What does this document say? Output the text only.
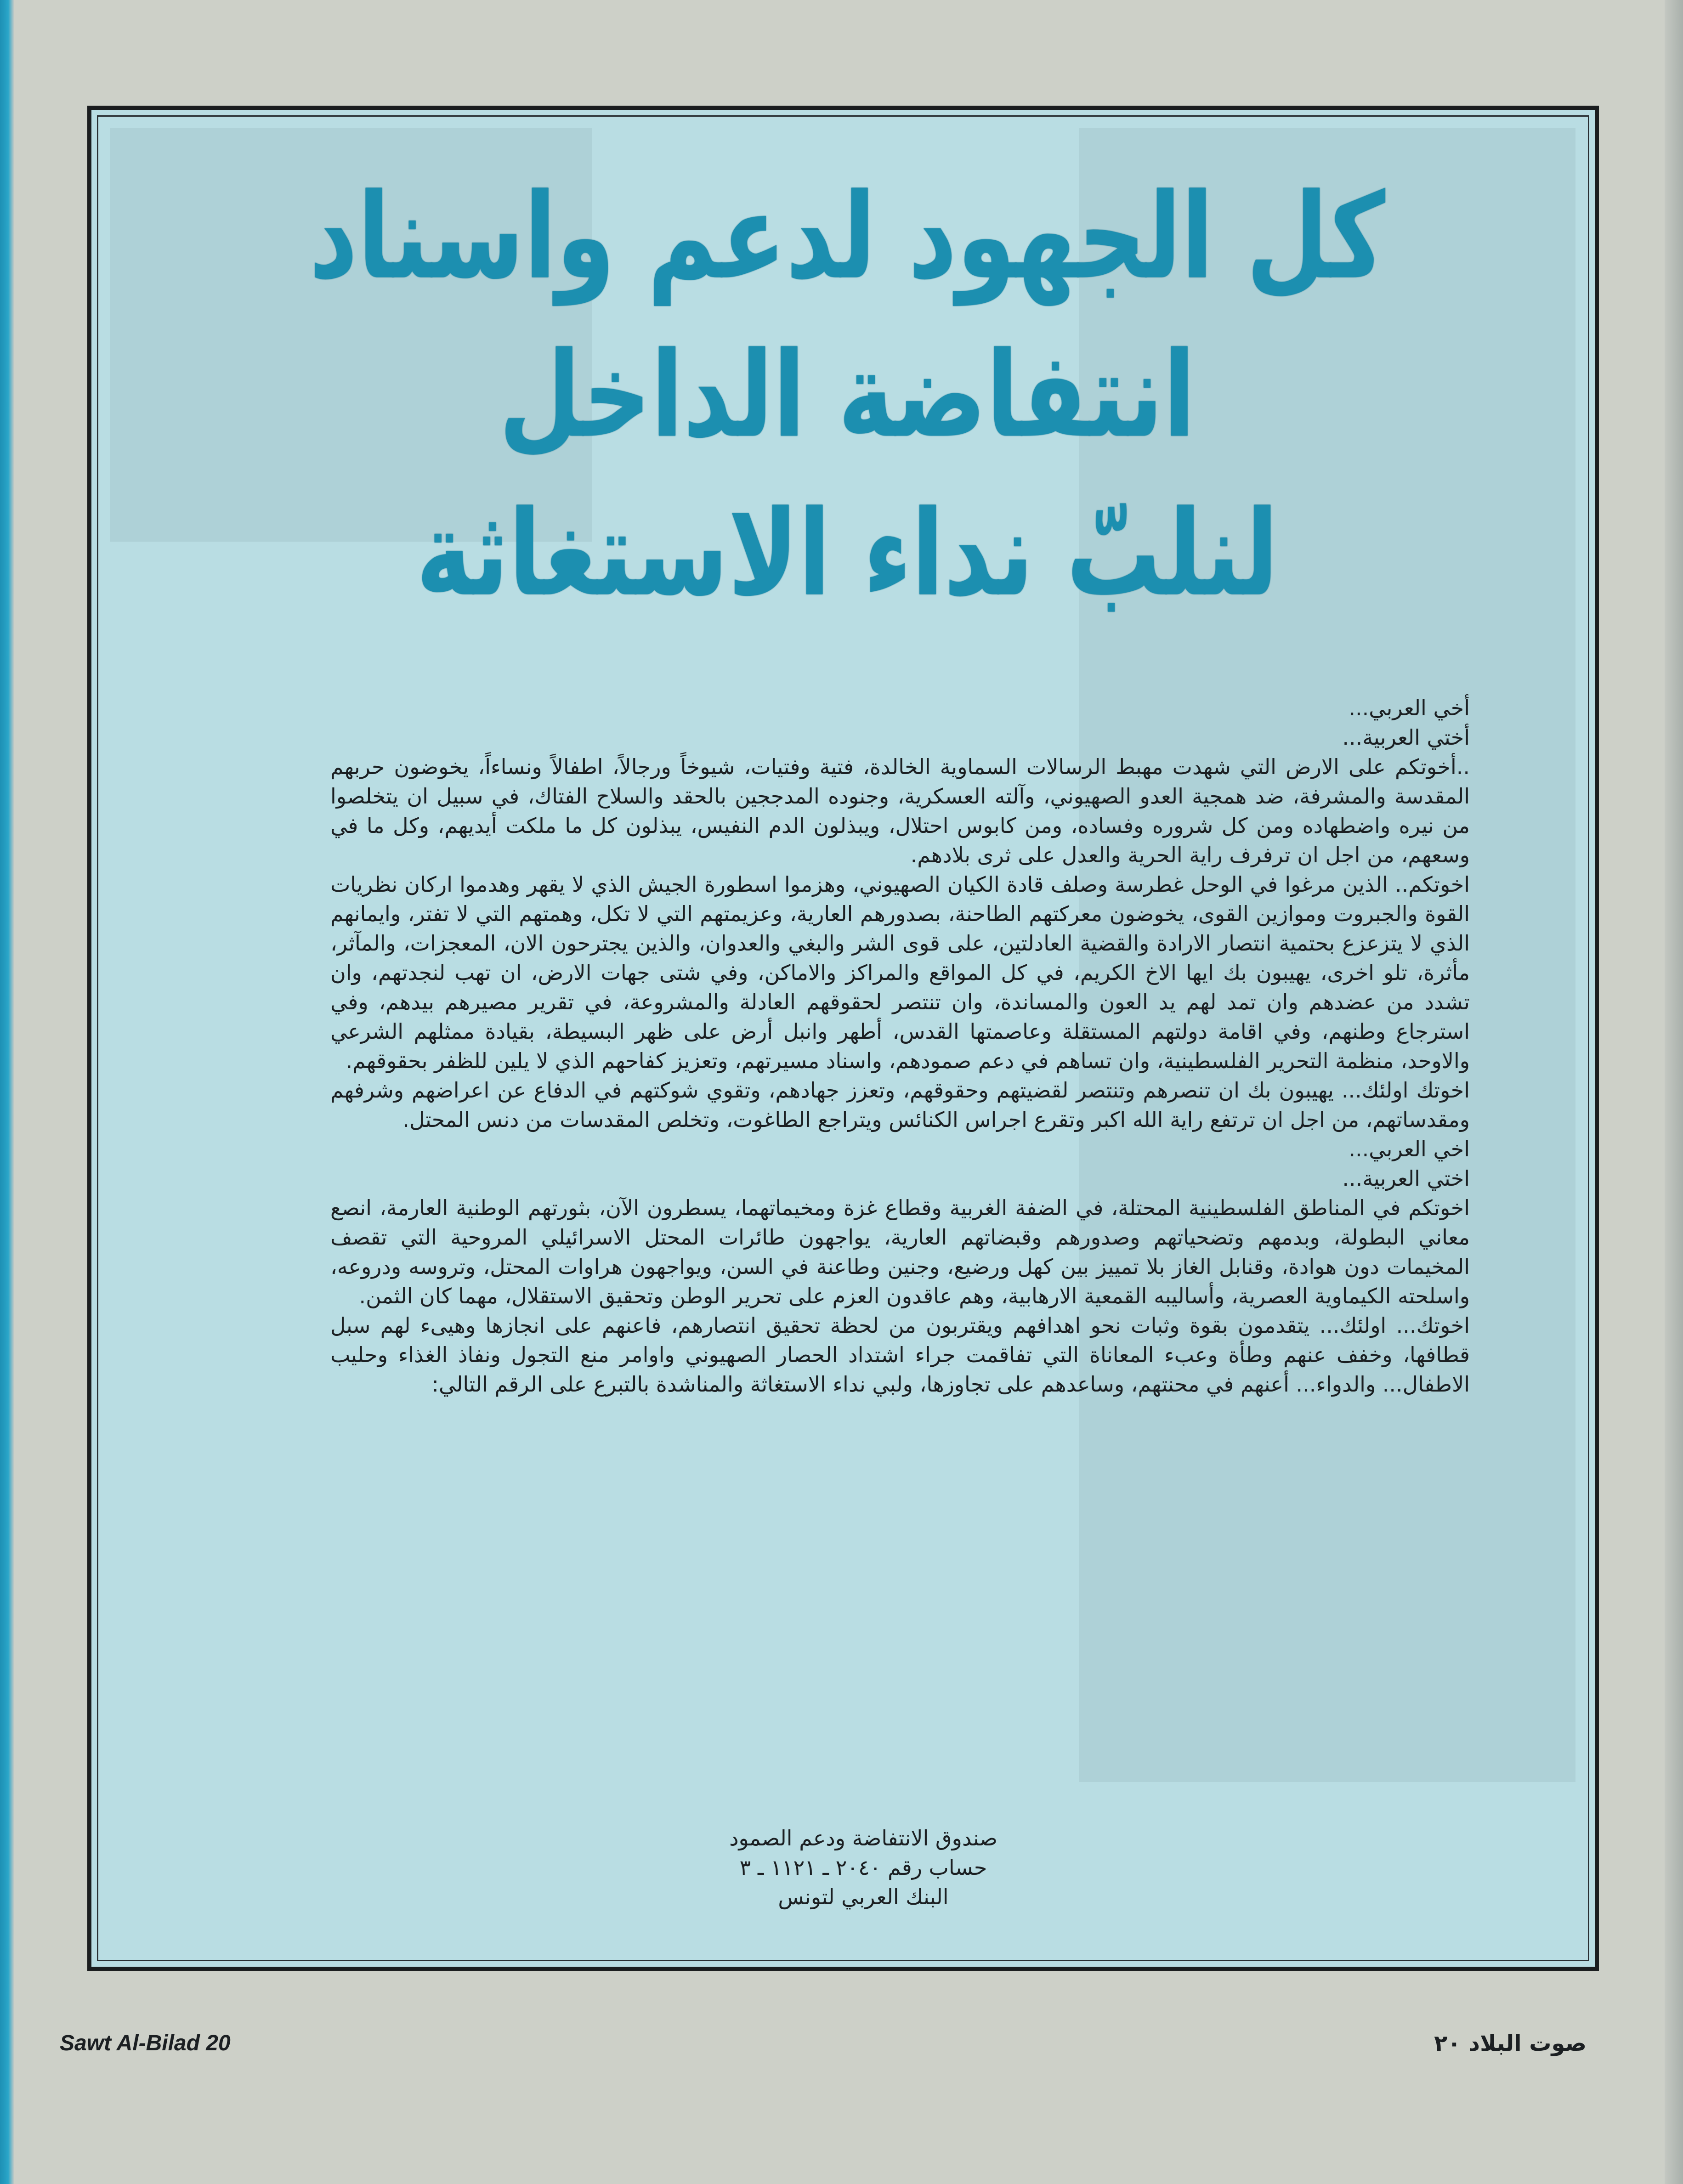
كل الجهود لدعم واسناد
انتفاضة الداخل
لنلبّ نداء الاستغاثة

أخي العربي...

أختي العربية...

..أخوتكم على الارض التي شهدت مهبط الرسالات السماوية الخالدة، فتية وفتيات، شيوخاً ورجالاً، اطفالاً ونساءاً، يخوضون حربهم المقدسة والمشرفة، ضد همجية العدو الصهيوني، وآلته العسكرية، وجنوده المدججين بالحقد والسلاح الفتاك، في سبيل ان يتخلصوا من نيره واضطهاده ومن كل شروره وفساده، ومن كابوس احتلال، ويبذلون الدم النفيس، يبذلون كل ما ملكت أيديهم، وكل ما في وسعهم، من اجل ان ترفرف راية الحرية والعدل على ثرى بلادهم.

اخوتكم.. الذين مرغوا في الوحل غطرسة وصلف قادة الكيان الصهيوني، وهزموا اسطورة الجيش الذي لا يقهر وهدموا اركان نظريات القوة والجبروت وموازين القوى، يخوضون معركتهم الطاحنة، بصدورهم العارية، وعزيمتهم التي لا تكل، وهمتهم التي لا تفتر، وايمانهم الذي لا يتزعزع بحتمية انتصار الارادة والقضية العادلتين، على قوى الشر والبغي والعدوان، والذين يجترحون الان، المعجزات، والمآثر، مأثرة، تلو اخرى، يهيبون بك ايها الاخ الكريم، في كل المواقع والمراكز والاماكن، وفي شتى جهات الارض، ان تهب لنجدتهم، وان تشدد من عضدهم وان تمد لهم يد العون والمساندة، وان تنتصر لحقوقهم العادلة والمشروعة، في تقرير مصيرهم بيدهم، وفي استرجاع وطنهم، وفي اقامة دولتهم المستقلة وعاصمتها القدس، أطهر وانبل أرض على ظهر البسيطة، بقيادة ممثلهم الشرعي والاوحد، منظمة التحرير الفلسطينية، وان تساهم في دعم صمودهم، واسناد مسيرتهم، وتعزيز كفاحهم الذي لا يلين للظفر بحقوقهم.

اخوتك اولئك... يهيبون بك ان تنصرهم وتنتصر لقضيتهم وحقوقهم، وتعزز جهادهم، وتقوي شوكتهم في الدفاع عن اعراضهم وشرفهم ومقدساتهم، من اجل ان ترتفع راية الله اكبر وتقرع اجراس الكنائس ويتراجع الطاغوت، وتخلص المقدسات من دنس المحتل.

اخي العربي...

اختي العربية...

اخوتكم في المناطق الفلسطينية المحتلة، في الضفة الغربية وقطاع غزة ومخيماتهما، يسطرون الآن، بثورتهم الوطنية العارمة، انصع معاني البطولة، وبدمهم وتضحياتهم وصدورهم وقبضاتهم العارية، يواجهون طائرات المحتل الاسرائيلي المروحية التي تقصف المخيمات دون هوادة، وقنابل الغاز بلا تمييز بين كهل ورضيع، وجنين وطاعنة في السن، ويواجهون هراوات المحتل، وتروسه ودروعه، واسلحته الكيماوية العصرية، وأساليبه القمعية الارهابية، وهم عاقدون العزم على تحرير الوطن وتحقيق الاستقلال، مهما كان الثمن.

اخوتك... اولئك... يتقدمون بقوة وثبات نحو اهدافهم ويقتربون من لحظة تحقيق انتصارهم، فاعنهم على انجازها وهيىء لهم سبل قطافها، وخفف عنهم وطأة وعبء المعاناة التي تفاقمت جراء اشتداد الحصار الصهيوني واوامر منع التجول ونفاذ الغذاء وحليب الاطفال... والدواء... أعنهم في محنتهم، وساعدهم على تجاوزها، ولبي نداء الاستغاثة والمناشدة بالتبرع على الرقم التالي:

صندوق الانتفاضة ودعم الصمود
حساب رقم ٢٠٤٠ ـ ١١٢١ ـ ٣
البنك العربي لتونس
Sawt Al-Bilad 20	صوت البلاد ٢٠
